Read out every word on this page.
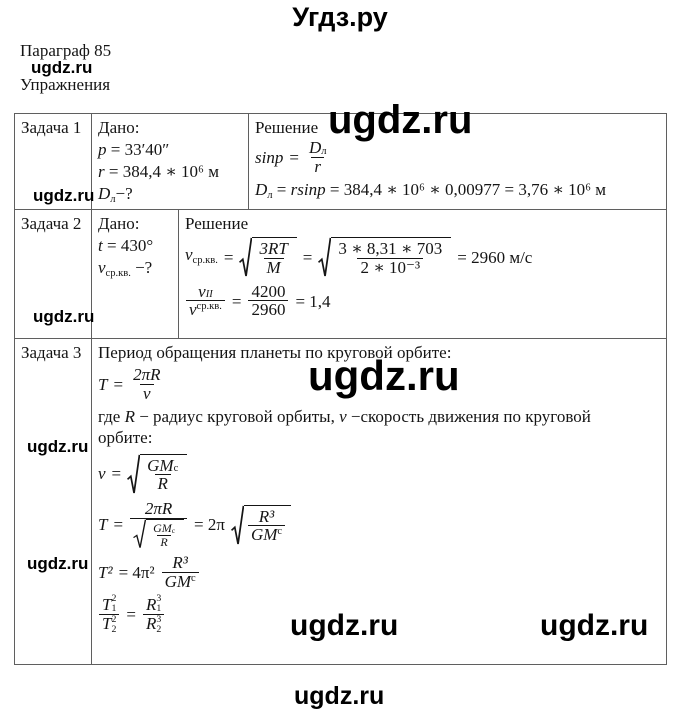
Угдз.ру
Параграф 85
Упражнения
ugdz.ru
ugdz.ru
ugdz.ru
ugdz.ru
ugdz.ru
ugdz.ru
ugdz.ru
ugdz.ru	ugdz.ru
ugdz.ru
Задача 1 Дано:
p = 33′40″
r = 384,4 ∗ 10⁶ м
$D_л-$?
Решение
$\sin p = \frac{\text{D л}}{r}$
$D_л = rsinp = 384,4$ ∗ 10⁶ ∗ 0,00977 = 3,76 ∗ 10⁶ м
Задача 2 Дано:
t = 430°
$v_{ср.кв.}$ −?
Решение
$v_{ср.кв.} = \frac{3RT}{M} = \frac{3 ∗ 8,31 ∗ 703}{\text{2 ∗ 10⁻³}} = 2960$ м/с
$\frac{\text{v II}}{\text{v ср.кв.}} = \frac{4200}{2960} = 1,4$
Задача 3 Период обращения планеты по круговой орбите:
$T = \frac{2\pi R}{v}$
где R − радиус круговой орбиты, v −скорость движения по круговой
орбите:
$v = \frac{\text{GM с}}{R}$
$T = \frac{2\pi R}{\frac{\text{GM с}}{R}} = 2\pi \frac{\text{R³}}{\text{GM с}}$
$T^2 = 4\pi^2 \frac{\text{R³}}{\text{GM с}}$
T 2
1
T 2
2 = R 3
1
R 3
2
